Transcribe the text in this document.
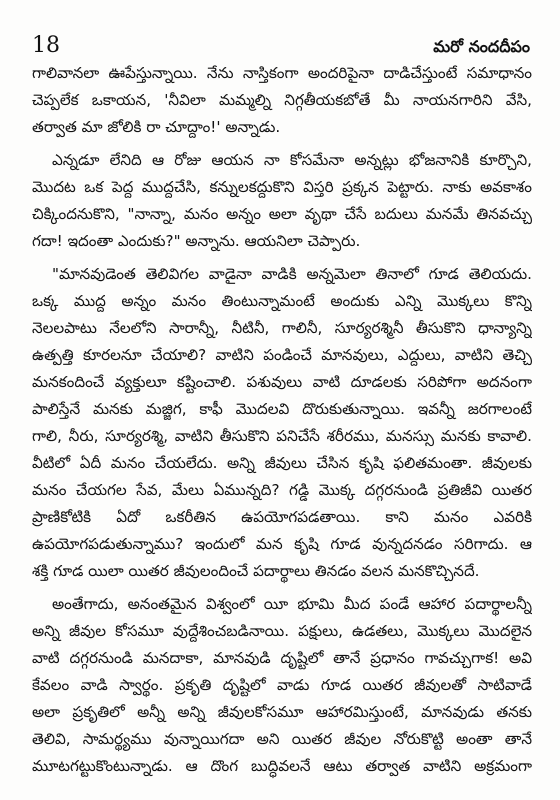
18	మరో నందదీపం
గాలివానలా ఊపేస్తున్నాయి. నేను నాస్తికంగా అందరిపైనా దాడిచేస్తుంటే సమాధానం
చెప్పలేక ఒకాయన, 'నీవిలా మమ్మల్ని నిగ్గతీయకబోతే మీ నాయనగారిని వేసి,
తర్వాత మా జోలికి రా చూద్దాం!' అన్నాడు.
ఎన్నడూ లేనిది ఆ రోజు ఆయన నా కోసమేనా అన్నట్లు భోజనానికి కూర్చొని,
మొదట ఒక పెద్ద ముద్దచేసి, కన్నులకద్దుకొని విస్తరి ప్రక్కన పెట్టారు. నాకు అవకాశం
చిక్కిందనుకొని, "నాన్నా, మనం అన్నం అలా వృథా చేసే బదులు మనమే తినవచ్చు
గదా! ఇదంతా ఎందుకు?" అన్నాను. ఆయనిలా చెప్పారు.
"మానవుడెంత తెలివిగల వాడైనా వాడికి అన్నమెలా తినాలో గూడ తెలియదు.
ఒక్క ముద్ద అన్నం మనం తింటున్నామంటే అందుకు ఎన్ని మొక్కలు కొన్ని
నెలలపాటు నేలలోని సారాన్నీ, నీటినీ, గాలినీ, సూర్యరశ్మినీ తీసుకొని ధాన్యాన్ని
ఉత్పత్తి కూరలనూ చేయాలి? వాటిని పండించే మానవులు, ఎద్దులు, వాటిని తెచ్చి
మనకందించే వ్యక్తులూ కష్టించాలి. పశువులు వాటి దూడలకు సరిపోగా అదనంగా
పాలిస్తేనే మనకు మజ్జిగ, కాఫీ మొదలవి దొరుకుతున్నాయి. ఇవన్నీ జరగాలంటే
గాలి, నీరు, సూర్యరశ్మి, వాటిని తీసుకొని పనిచేసే శరీరము, మనస్సు మనకు కావాలి.
వీటిలో ఏదీ మనం చేయలేదు. అన్ని జీవులు చేసిన కృషి ఫలితమంతా. జీవులకు
మనం చేయగల సేవ, మేలు ఏమున్నది? గడ్డి మొక్క దగ్గరనుండి ప్రతిజీవి యితర
ప్రాణికోటికి ఏదో ఒకరీతిన ఉపయోగపడతాయి. కాని మనం ఎవరికి
ఉపయోగపడుతున్నాము? ఇందులో మన కృషి గూడ వున్నదనడం సరిగాదు. ఆ
శక్తి గూడ యిలా యితర జీవులందించే పదార్థాలు తినడం వలన మనకొచ్చినదే.
అంతేగాదు, అనంతమైన విశ్వంలో యీ భూమి మీద పండే ఆహార పదార్థాలన్నీ
అన్ని జీవుల కోసమూ వుద్దేశించబడినాయి. పక్షులు, ఉడతలు, మొక్కలు మొదలైన
వాటి దగ్గరనుండి మనదాకా, మానవుడి దృష్టిలో తానే ప్రధానం గావచ్చుగాక! అవి
కేవలం వాడి స్వార్థం. ప్రకృతి దృష్టిలో వాడు గూడ యితర జీవులతో సాటివాడే
అలా ప్రకృతిలో అన్నీ అన్ని జీవులకోసమూ ఆహారమిస్తుంటే, మానవుడు తనకు
తెలివి, సామర్థ్యము వున్నాయిగదా అని యితర జీవుల నోరుకొట్టి అంతా తానే
మూటగట్టుకొంటున్నాడు. ఆ దొంగ బుద్ధివలనే ఆటు తర్వాత వాటిని అక్రమంగా
